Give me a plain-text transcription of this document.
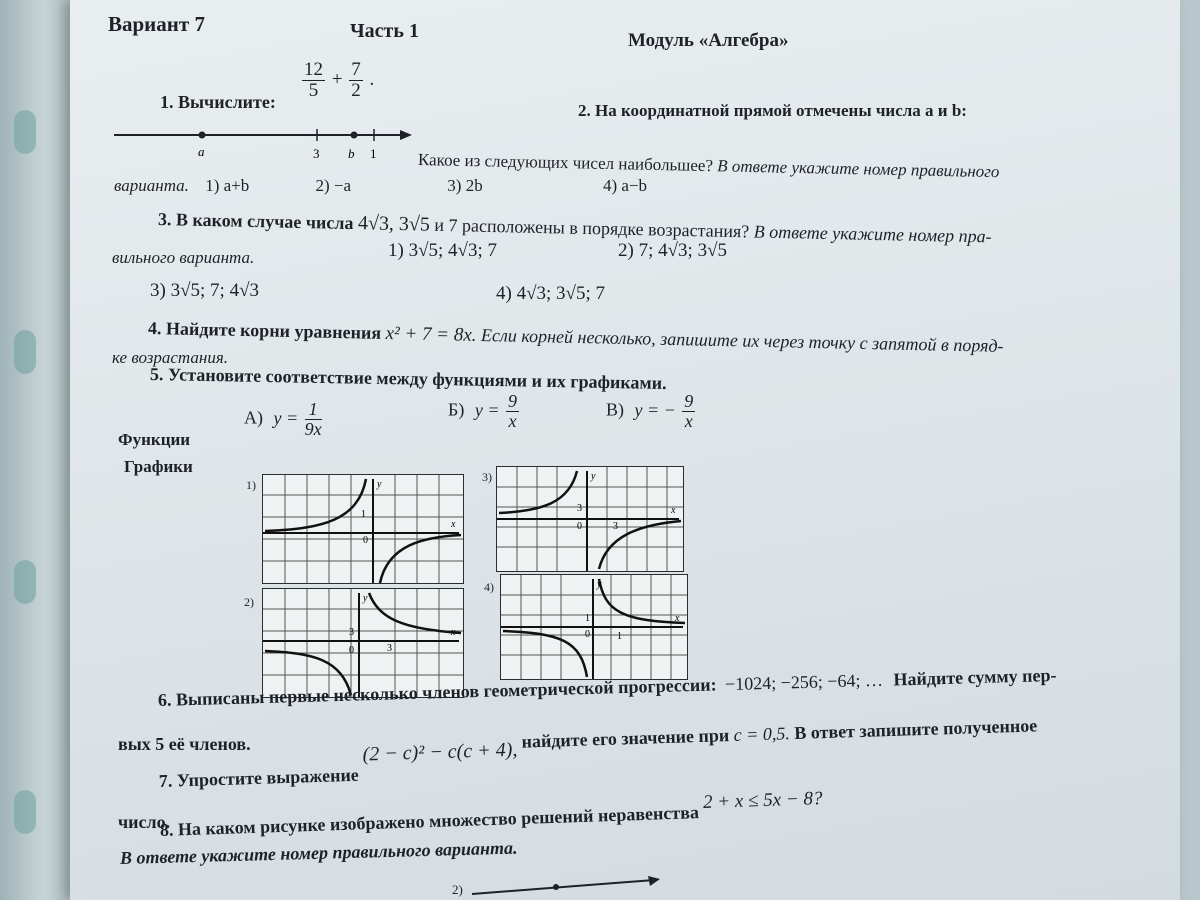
Вариант 7	Часть 1	Модуль «Алгебра»
1. Вычислите:
$\frac{12}{5} + \frac{7}{2}$ .
a	3 b 1
2. На координатной прямой отмечены числа a и b:
Какое из следующих чисел наибольшее? В ответе укажите номер правильного
варианта. 1) a+b	2) −a	3) 2b	4) a−b
3. В каком случае числа 4√3, 3√5 и 7 расположены в порядке возрастания? В ответе укажите номер пра-
вильного варианта.	1) 3√5; 4√3; 7	2) 7; 4√3; 3√5
3) 3√5; 7; 4√3	4) 4√3; 3√5; 7
4. Найдите корни уравнения x² + 7 = 8x. Если корней несколько, запишите их через точку с запятой в поряд-
ке возрастания.
5. Установите соответствие между функциями и их графиками.
Функции
Графики
А) $y = \frac{1}{9x}$	Б) $y = \frac{9}{x}$	В) y = − $\frac{9}{x}$
1)
1
0
y
x
2)
3
0	3
y
x
3)
3
0	3
y
x
4)
1
0	1
y
x
6. Выписаны первые несколько членов геометрической прогрессии: −1024; −256; −64; … Найдите сумму пер-
вых 5 её членов.
7. Упростите выражение (2 − c)² − c(c + 4), найдите его значение при c = 0,5. В ответ запишите полученное
число.
8. На каком рисунке изображено множество решений неравенства 2 + x ≤ 5x − 8?
В ответе укажите номер правильного варианта.
2)
